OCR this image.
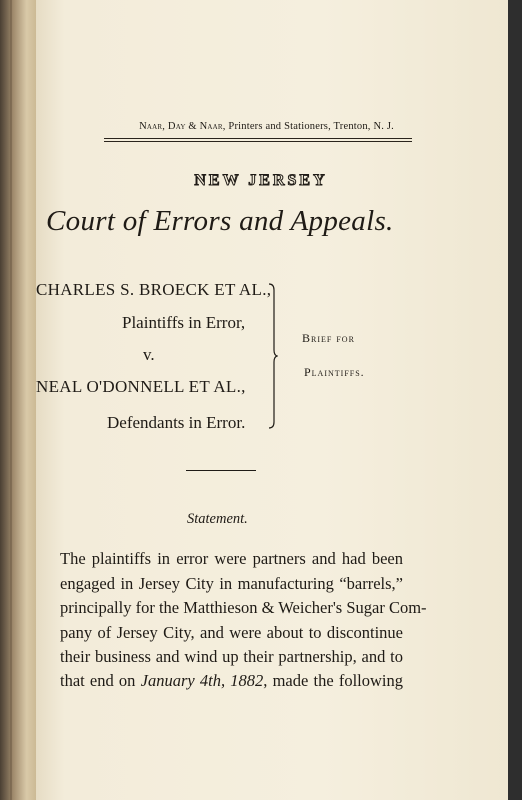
Naar, Day & Naar, Printers and Stationers, Trenton, N. J.
NEW JERSEY
Court of Errors and Appeals.
CHARLES S. BROECK ET AL.,
Plaintiffs in Error,
v.
NEAL O'DONNELL ET AL.,
Defendants in Error.
Brief for
Plaintiffs.
Statement.
The plaintiffs in error were partners and had been
engaged in Jersey City in manufacturing “barrels,”
principally for the Matthieson & Weicher's Sugar Com-
pany of Jersey City, and were about to discontinue
their business and wind up their partnership, and to
that end on January 4th, 1882, made the following
